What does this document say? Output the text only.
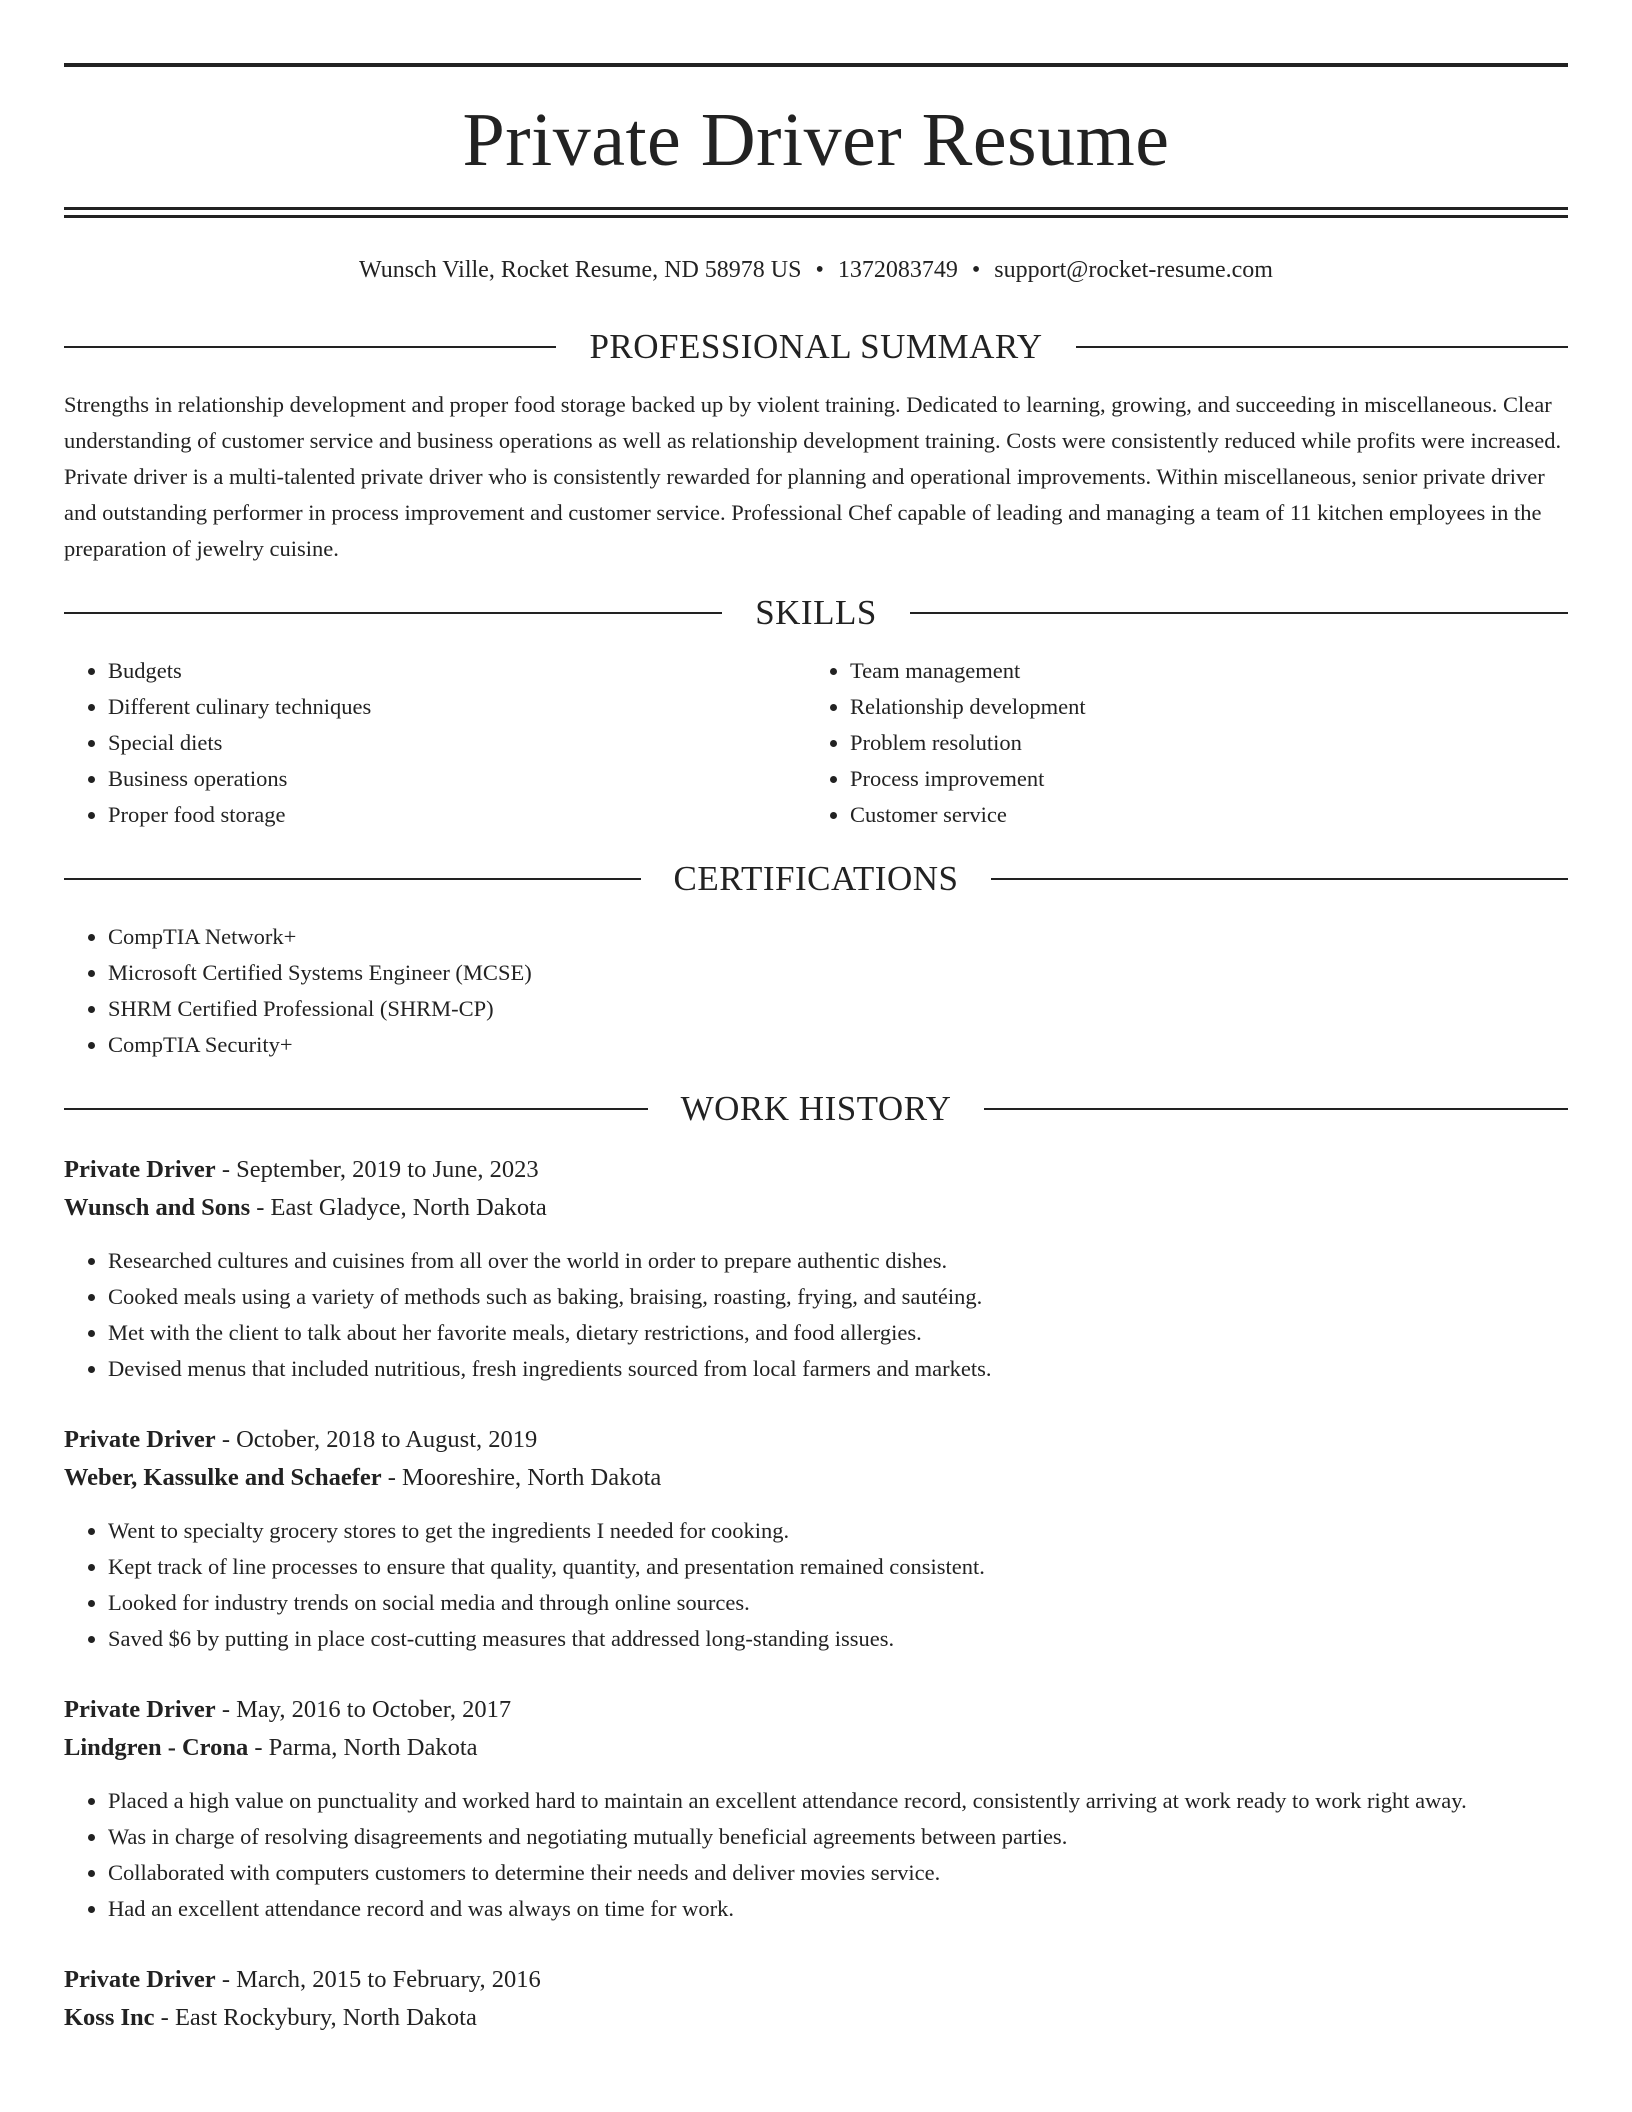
Private Driver Resume
Wunsch Ville, Rocket Resume, ND 58978 US • 1372083749 • support@rocket-resume.com
PROFESSIONAL SUMMARY
Strengths in relationship development and proper food storage backed up by violent training. Dedicated to learning, growing, and succeeding in miscellaneous. Clear understanding of customer service and business operations as well as relationship development training. Costs were consistently reduced while profits were increased. Private driver is a multi-talented private driver who is consistently rewarded for planning and operational improvements. Within miscellaneous, senior private driver and outstanding performer in process improvement and customer service. Professional Chef capable of leading and managing a team of 11 kitchen employees in the preparation of jewelry cuisine.
SKILLS
• Budgets
• Different culinary techniques
• Special diets
• Business operations
• Proper food storage
• Team management
• Relationship development
• Problem resolution
• Process improvement
• Customer service
CERTIFICATIONS
• CompTIA Network+
• Microsoft Certified Systems Engineer (MCSE)
• SHRM Certified Professional (SHRM-CP)
• CompTIA Security+
WORK HISTORY
Private Driver - September, 2019 to June, 2023
Wunsch and Sons - East Gladyce, North Dakota
• Researched cultures and cuisines from all over the world in order to prepare authentic dishes.
• Cooked meals using a variety of methods such as baking, braising, roasting, frying, and sautéing.
• Met with the client to talk about her favorite meals, dietary restrictions, and food allergies.
• Devised menus that included nutritious, fresh ingredients sourced from local farmers and markets.
Private Driver - October, 2018 to August, 2019
Weber, Kassulke and Schaefer - Mooreshire, North Dakota
• Went to specialty grocery stores to get the ingredients I needed for cooking.
• Kept track of line processes to ensure that quality, quantity, and presentation remained consistent.
• Looked for industry trends on social media and through online sources.
• Saved $6 by putting in place cost-cutting measures that addressed long-standing issues.
Private Driver - May, 2016 to October, 2017
Lindgren - Crona - Parma, North Dakota
• Placed a high value on punctuality and worked hard to maintain an excellent attendance record, consistently arriving at work ready to work right away.
• Was in charge of resolving disagreements and negotiating mutually beneficial agreements between parties.
• Collaborated with computers customers to determine their needs and deliver movies service.
• Had an excellent attendance record and was always on time for work.
Private Driver - March, 2015 to February, 2016
Koss Inc - East Rockybury, North Dakota
